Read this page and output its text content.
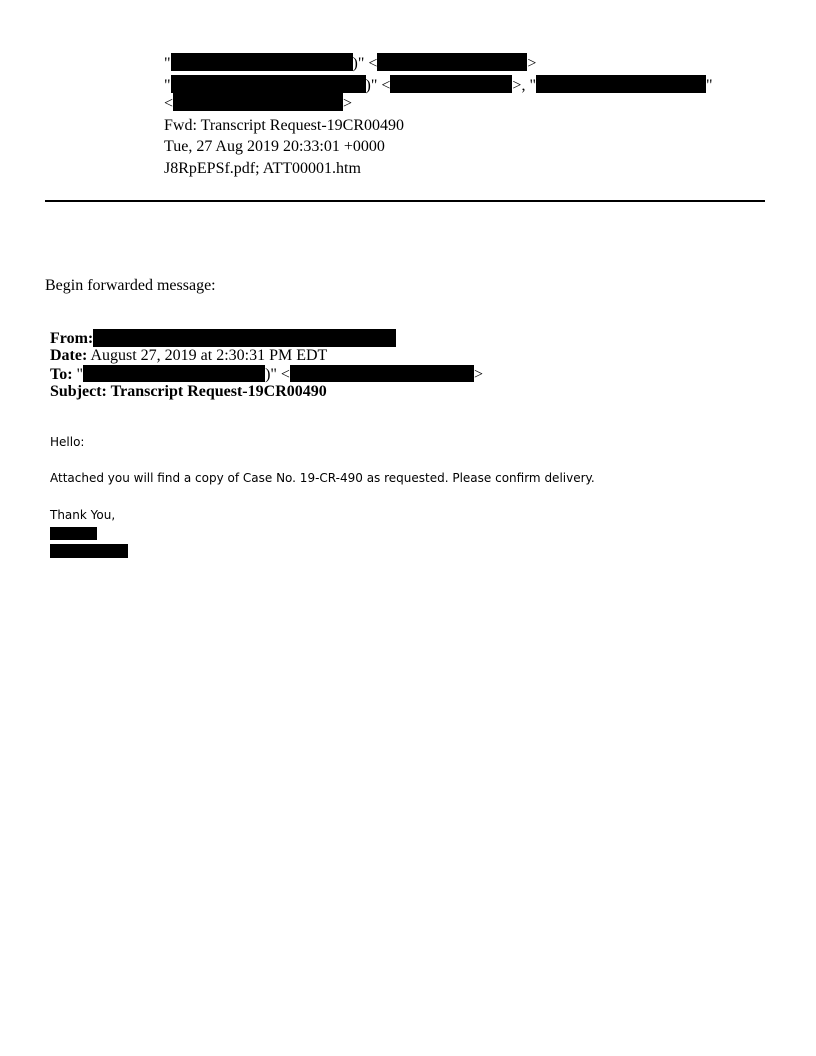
"	)" <	>
"	)" <	>, "	"
<	>
Fwd: Transcript Request-19CR00490
Tue, 27 Aug 2019 20:33:01 +0000
J8RpEPSf.pdf; ATT00001.htm
Begin forwarded message:
From:
Date: August 27, 2019 at 2:30:31 PM EDT
To: "	)" <	>
Subject: Transcript Request-19CR00490
Hello:
Attached you will find a copy of Case No. 19-CR-490 as requested. Please confirm delivery.
Thank You,
